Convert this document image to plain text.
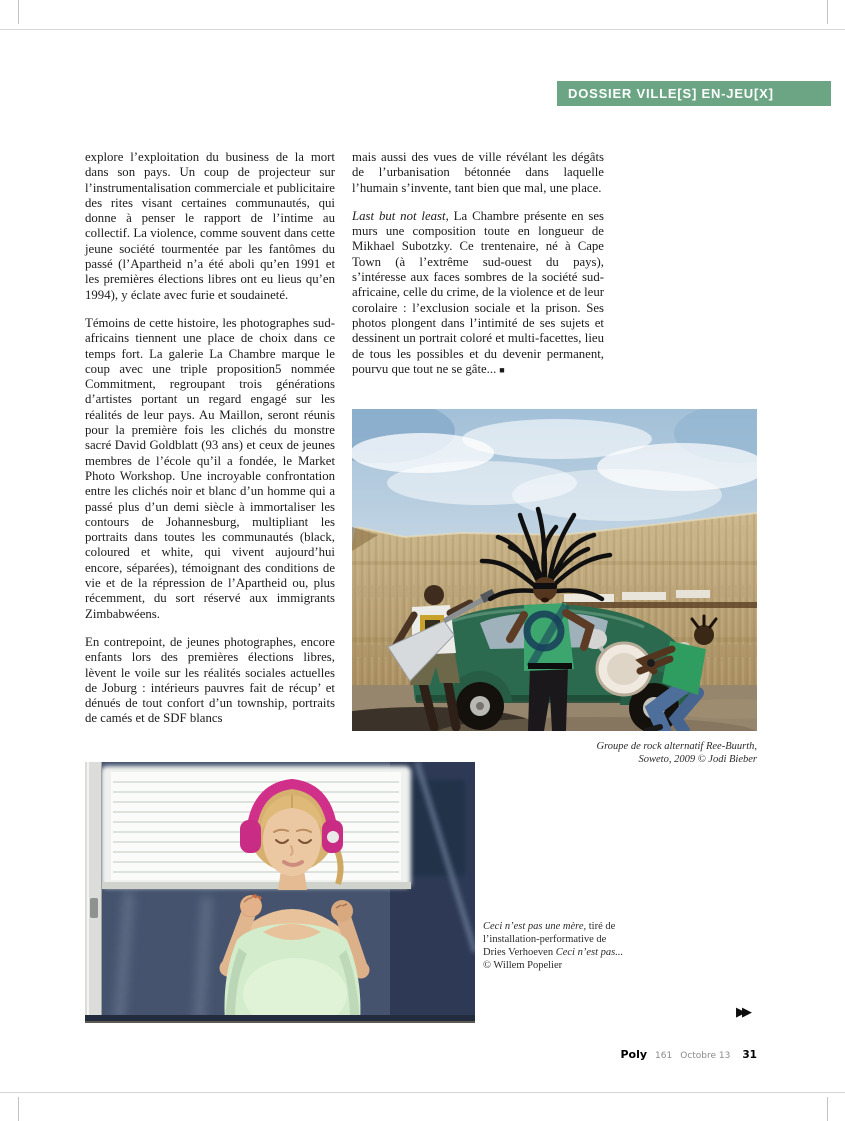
DOSSIER VILLE[S] EN-JEU[X]

explore l’exploitation du business de la mort dans son pays. Un coup de projecteur sur l’instrumentalisation commerciale et publicitaire des rites visant certaines communautés, qui donne à penser le rapport de l’intime au collectif. La violence, comme souvent dans cette jeune société tourmentée par les fantômes du passé (l’Apartheid n’a été aboli qu’en 1991 et les premières élections libres ont eu lieus qu’en 1994), y éclate avec furie et soudaineté.

Témoins de cette histoire, les photographes sud-africains tiennent une place de choix dans ce temps fort. La galerie La Chambre marque le coup avec une triple proposition5 nommée Commitment, regroupant trois générations d’artistes portant un regard engagé sur les réalités de leur pays. Au Maillon, seront réunis pour la première fois les clichés du monstre sacré David Goldblatt (93 ans) et ceux de jeunes membres de l’école qu’il a fondée, le Market Photo Workshop. Une incroyable confrontation entre les clichés noir et blanc d’un homme qui a passé plus d’un demi siècle à immortaliser les contours de Johannesburg, multipliant les portraits dans toutes les communautés (black, coloured et white, qui vivent aujourd’hui encore, séparées), témoignant des conditions de vie et de la répression de l’Apartheid ou, plus récemment, du sort réservé aux immigrants Zimbabwéens.

En contrepoint, de jeunes photographes, encore enfants lors des premières élections libres, lèvent le voile sur les réalités sociales actuelles de Joburg : intérieurs pauvres fait de récup’ et dénués de tout confort d’un township, portraits de camés et de SDF blancs

mais aussi des vues de ville révélant les dégâts de l’urbanisation bétonnée dans laquelle l’humain s’invente, tant bien que mal, une place.

Last but not least, La Chambre présente en ses murs une composition toute en longueur de Mikhael Subotzky. Ce trentenaire, né à Cape Town (à l’extrême sud-ouest du pays), s’intéresse aux faces sombres de la société sud-africaine, celle du crime, de la violence et de leur corolaire : l’exclusion sociale et la prison. Ses photos plongent dans l’intimité de ses sujets et dessinent un portrait coloré et multi-facettes, lieu de tous les possibles et du devenir permanent, pourvu que tout ne se gâte... ■

Groupe de rock alternatif Ree-Buurth,
Soweto, 2009 © Jodi Bieber
Ceci n’est pas une mère, tiré de
l’installation-performative de
Dries Verhoeven Ceci n’est pas...
© Willem Popelier
▶▶
Poly 161 Octobre 13 31
